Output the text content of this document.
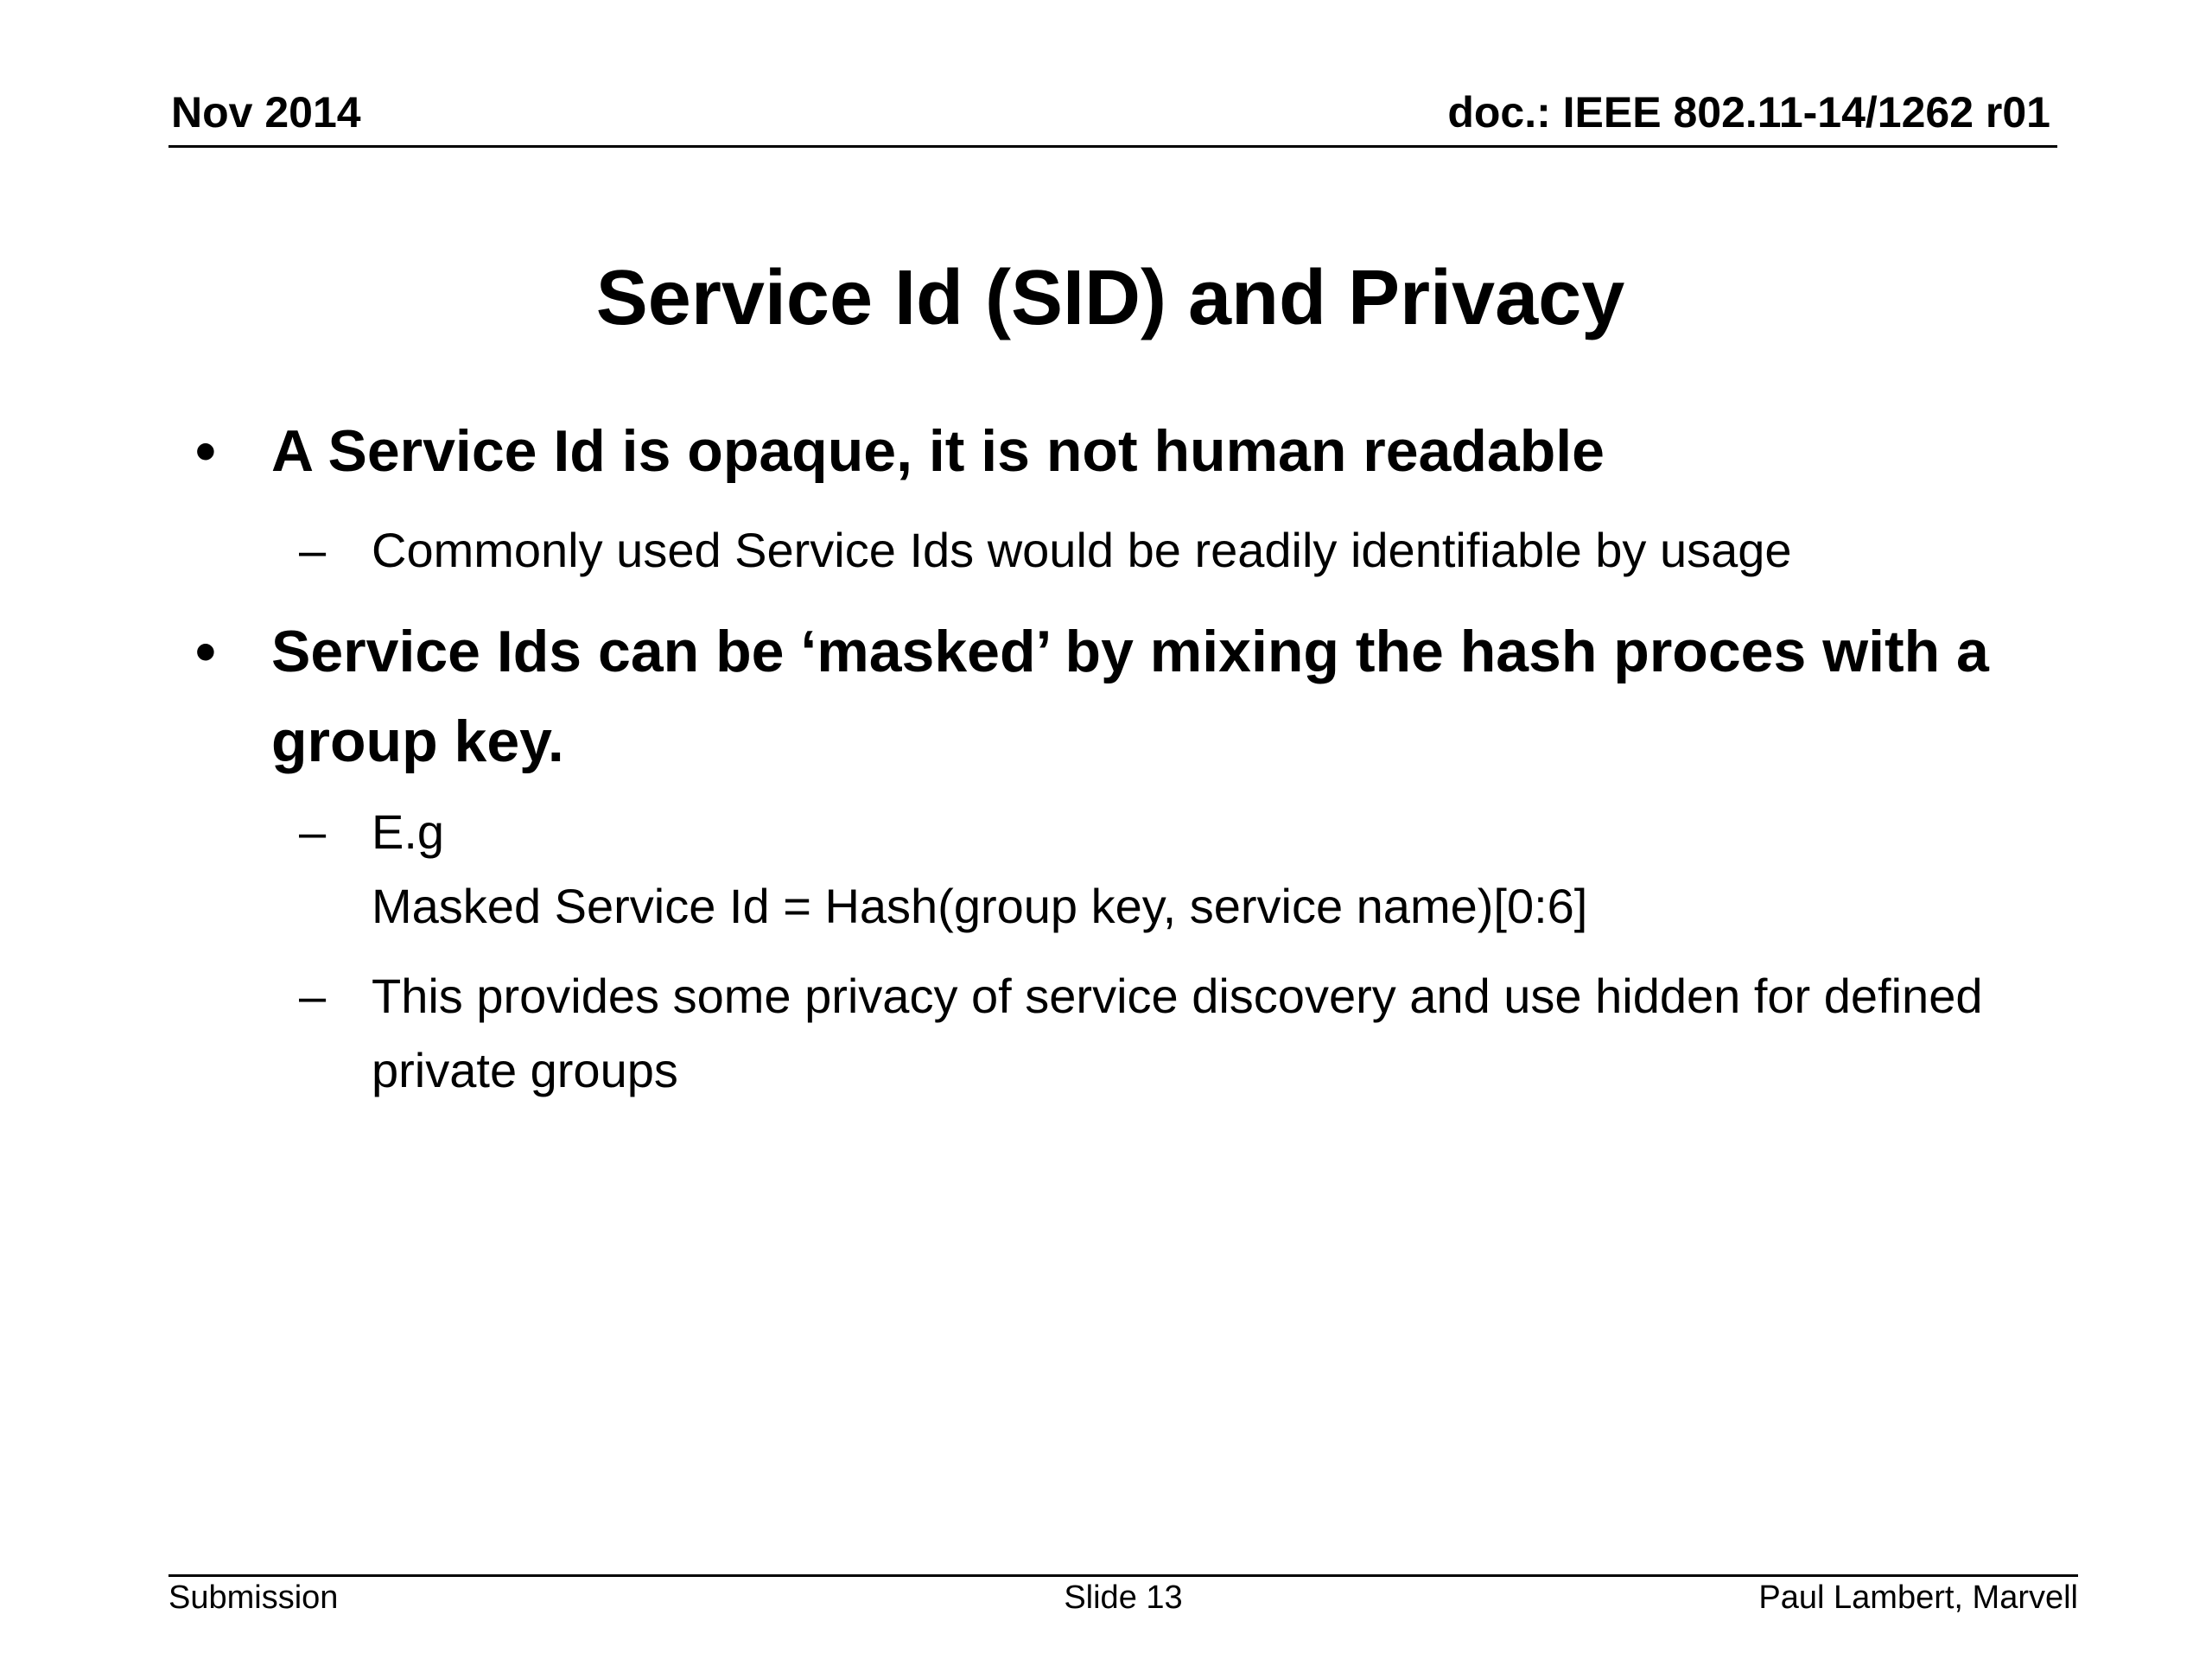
Nov 2014	doc.: IEEE 802.11-14/1262 r01
Service Id (SID) and Privacy
• A Service Id is opaque, it is not human readable
– Commonly used Service Ids would be readily identifiable by usage
• Service Ids can be ‘masked’ by mixing the hash proces with a group key.
– E.g
Masked Service Id = Hash(group key, service name)[0:6]
– This provides some privacy of service discovery and use hidden for defined private groups
Submission	Slide 13	Paul Lambert, Marvell
